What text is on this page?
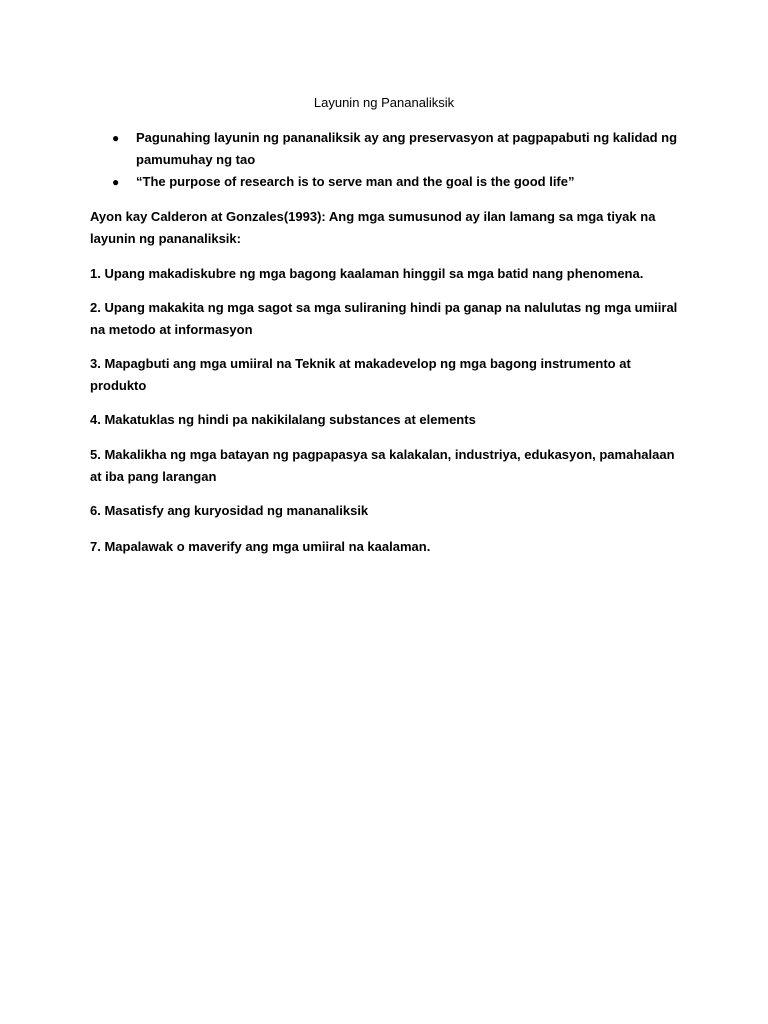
Layunin ng Pananaliksik
● Pagunahing layunin ng pananaliksik ay ang preservasyon at pagpapabuti ng kalidad ng pamumuhay ng tao
● “The purpose of research is to serve man and the goal is the good life”

Ayon kay Calderon at Gonzales(1993): Ang mga sumusunod ay ilan lamang sa mga tiyak na layunin ng pananaliksik:

1. Upang makadiskubre ng mga bagong kaalaman hinggil sa mga batid nang phenomena.

2. Upang makakita ng mga sagot sa mga suliraning hindi pa ganap na nalulutas ng mga umiiral na metodo at informasyon

3. Mapagbuti ang mga umiiral na Teknik at makadevelop ng mga bagong instrumento at produkto

4. Makatuklas ng hindi pa nakikilalang substances at elements

5. Makalikha ng mga batayan ng pagpapasya sa kalakalan, industriya, edukasyon, pamahalaan at iba pang larangan

6. Masatisfy ang kuryosidad ng mananaliksik

7. Mapalawak o maverify ang mga umiiral na kaalaman.
